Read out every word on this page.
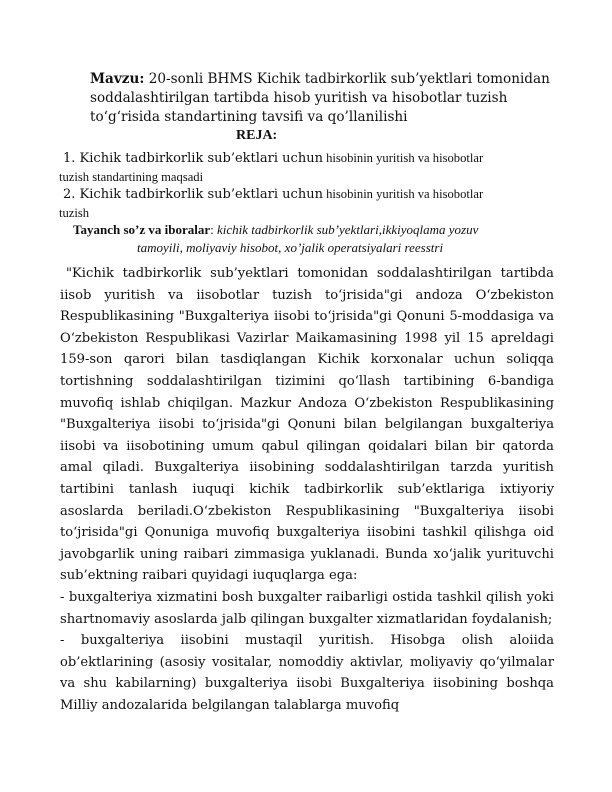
Mavzu: 20-sonli BHMS Kichik tadbirkorlik sub’yektlari tomonidan soddalashtirilgan tartibda hisob yuritish va hisobotlar tuzish to‘g‘risida standartining tavsifi va qo’llanilishi
REJA:
1. Kichik tadbirkorlik sub’ektlari uchun hisobinin yuritish va hisobotlar
tuzish standartining maqsadi
2. Kichik tadbirkorlik sub’ektlari uchun hisobinin yuritish va hisobotlar
tuzish
Tayanch so’z va iboralar: kichik tadbirkorlik sub’yektlari,ikkiyoqlama yozuv
tamoyili, moliyaviy hisobot, xo’jalik operatsiyalari reesstri

"Kichik tadbirkorlik sub’yektlari tomonidan soddalashtirilgan tartibda iisob yuritish va iisobotlar tuzish to‘jrisida"gi andoza O‘zbekiston Respublikasining "Buxgalteriya iisobi to‘jrisida"gi Qonuni 5-moddasiga va O‘zbekiston Respublikasi Vazirlar Maikamasining 1998 yil 15 apreldagi 159-son qarori bilan tasdiqlangan Kichik korxonalar uchun soliqqa tortishning soddalashtirilgan tizimini qo‘llash tartibining 6-bandiga muvofiq ishlab chiqilgan. Mazkur Andoza O‘zbekiston Respublikasining "Buxgalteriya iisobi to‘jrisida"gi Qonuni bilan belgilangan buxgalteriya iisobi va iisobotining umum qabul qilingan qoidalari bilan bir qatorda amal qiladi. Buxgalteriya iisobining soddalashtirilgan tarzda yuritish tartibini tanlash iuquqi kichik tadbirkorlik sub’ektlariga ixtiyoriy asoslarda beriladi.O‘zbekiston Respublikasining "Buxgalteriya iisobi to‘jrisida"gi Qonuniga muvofiq buxgalteriya iisobini tashkil qilishga oid javobgarlik uning raibari zimmasiga yuklanadi. Bunda xo‘jalik yurituvchi sub’ektning raibari quyidagi iuquqlarga ega:

- buxgalteriya xizmatini bosh buxgalter raibarligi ostida tashkil qilish yoki shartnomaviy asoslarda jalb qilingan buxgalter xizmatlaridan foydalanish;

- buxgalteriya iisobini mustaqil yuritish. Hisobga olish aloiida ob’ektlarining (asosiy vositalar, nomoddiy aktivlar, moliyaviy qo‘yilmalar va shu kabilarning) buxgalteriya iisobi Buxgalteriya iisobining boshqa Milliy andozalarida belgilangan talablarga muvofiq
